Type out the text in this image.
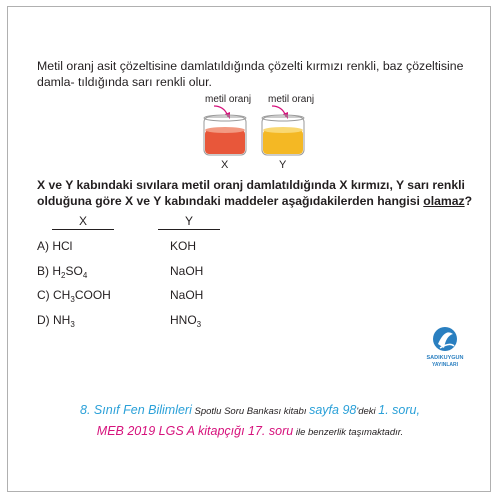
Metil oranj asit çözeltisine damlatıldığında çözelti kırmızı renkli, baz çözeltisine damla- tıldığında sarı renkli olur.
metil oranj metil oranj
X	Y
X ve Y kabındaki sıvılara metil oranj damlatıldığında X kırmızı, Y sarı renkli olduğuna göre X ve Y kabındaki maddeler aşağıdakilerden hangisi olamaz?
X	Y
A) HCl	KOH
B) $H_2SO_4$	NaOH
C) $CH_3COOH$	NaOH
D) $NH_3$	$HNO_3$
SADIKUYGUN
YAYINLARI
8. Sınıf Fen Bilimleri Spotlu Soru Bankası kitabı sayfa 98'deki 1. soru,
MEB 2019 LGS A kitapçığı 17. soru ile benzerlik taşımaktadır.
